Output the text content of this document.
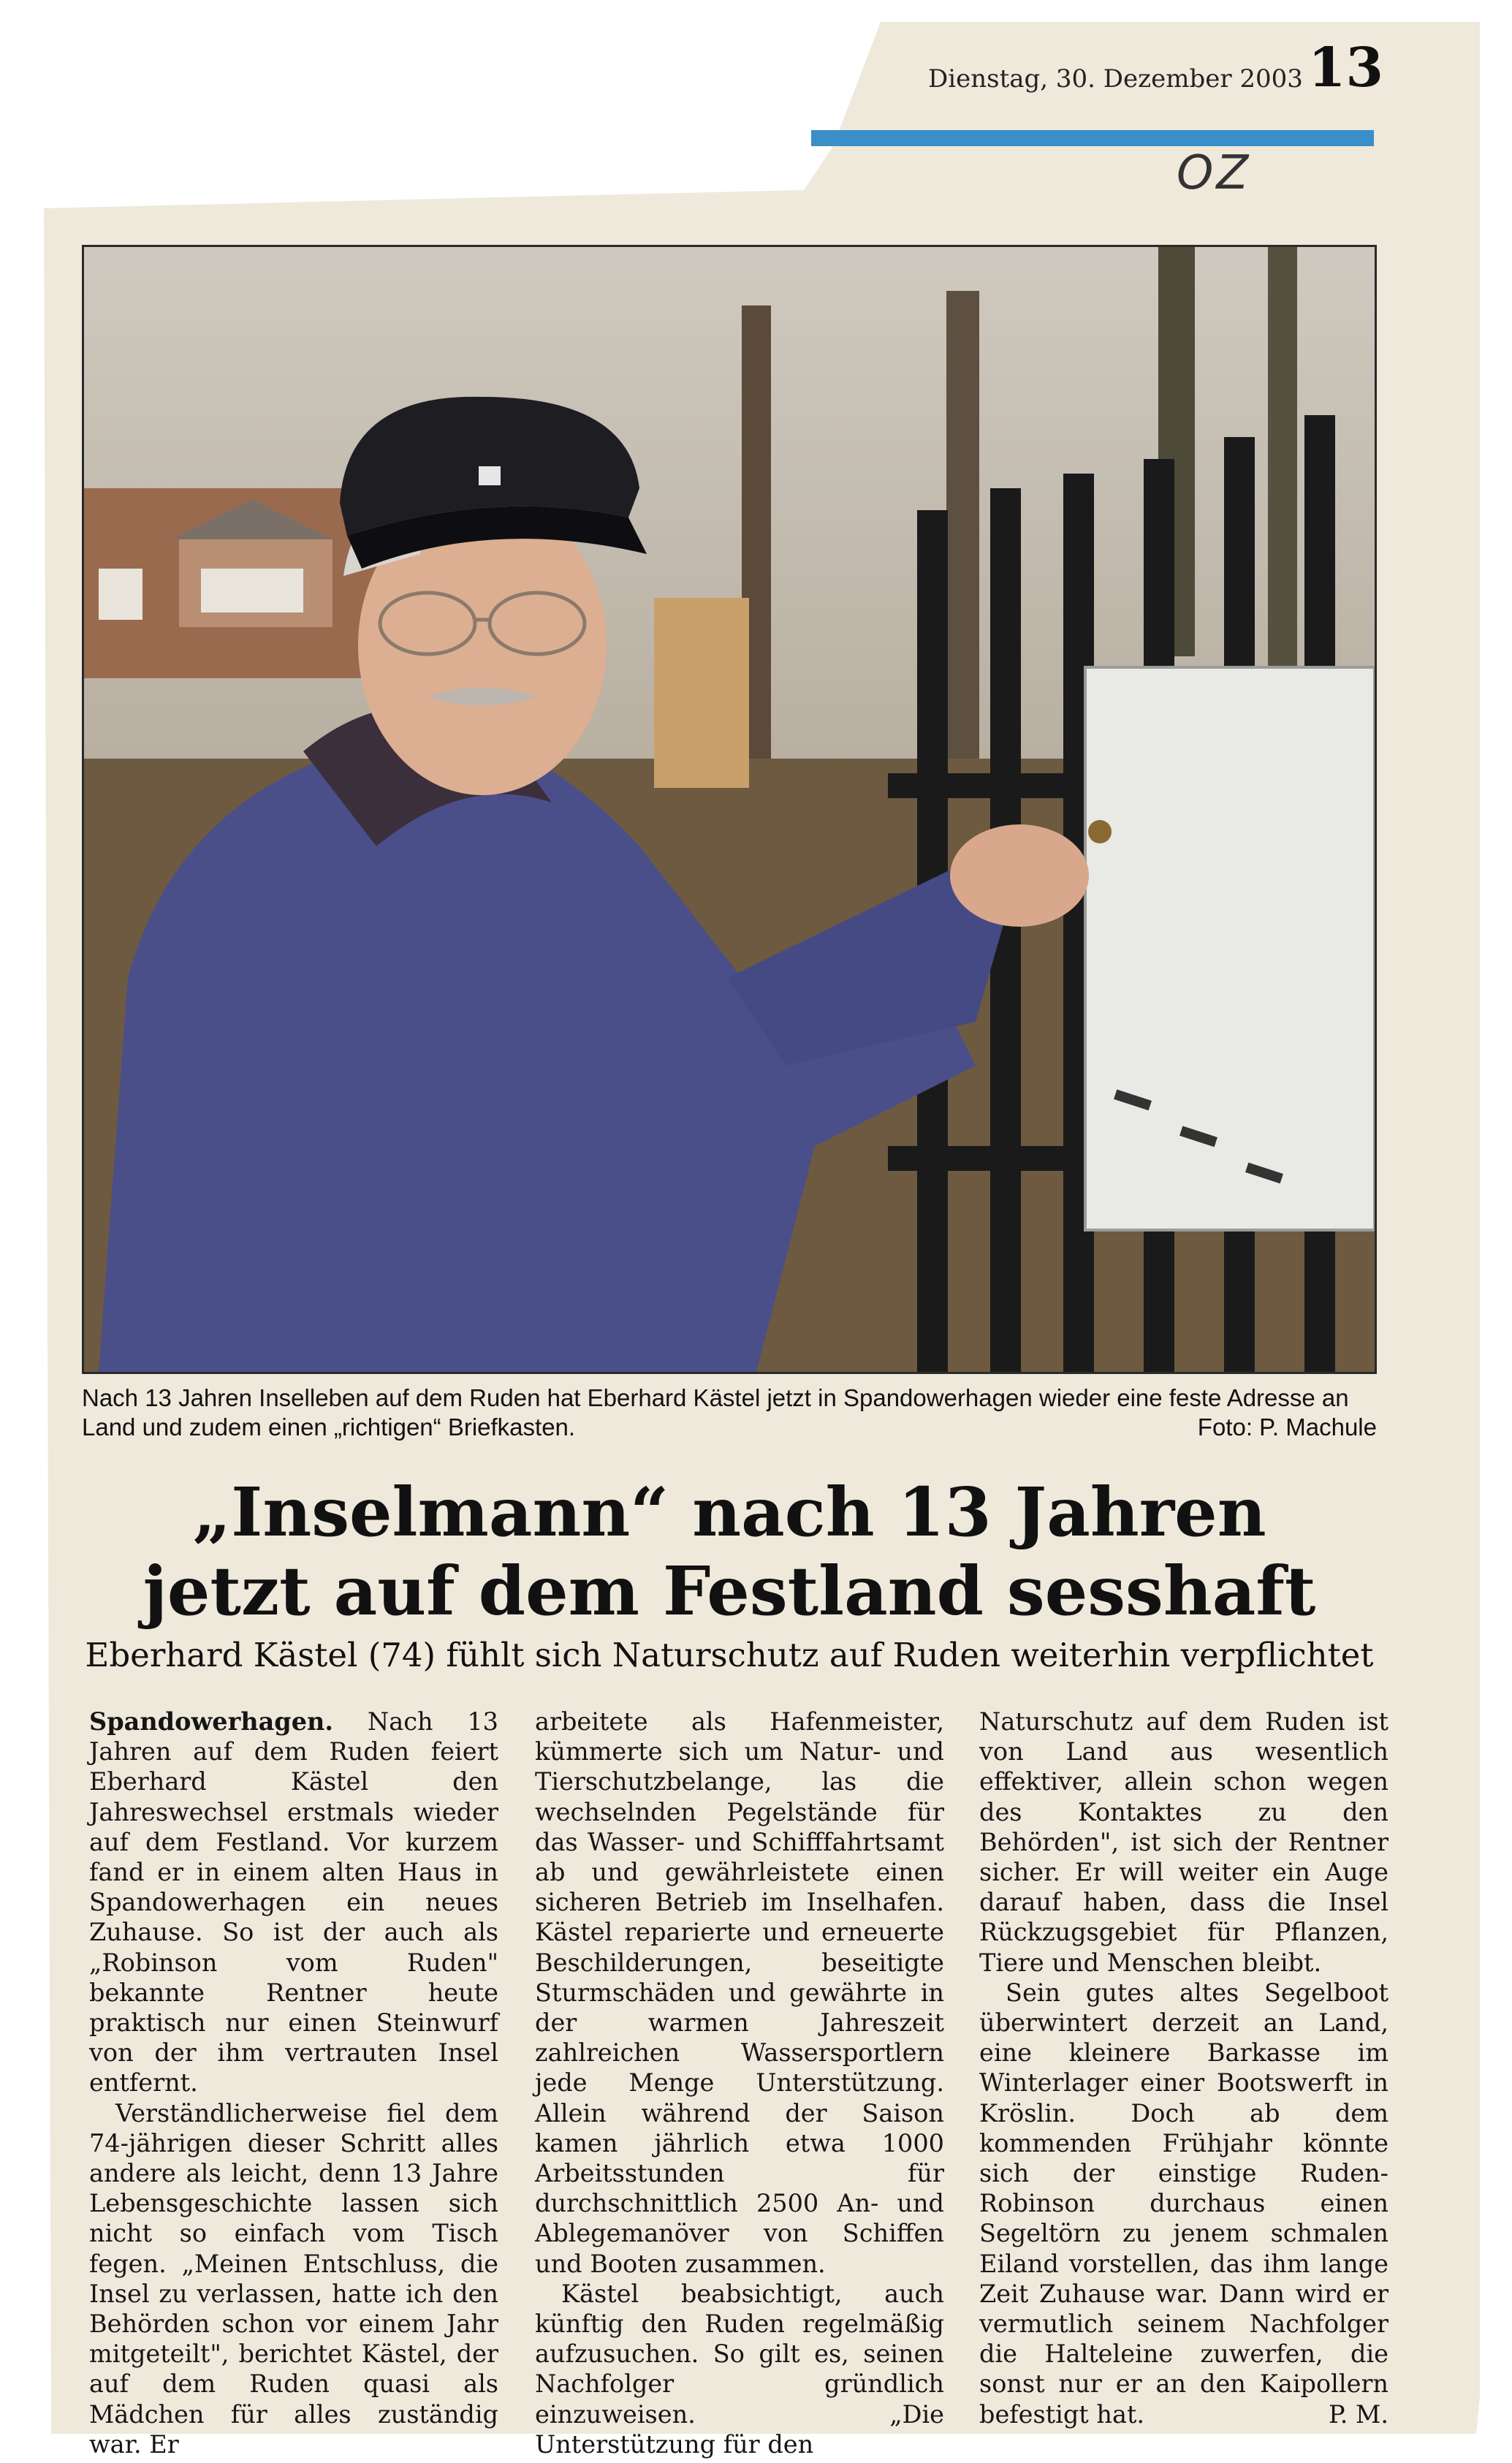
Dienstag, 30. Dezember 2003 13
OZ
Nach 13 Jahren Inselleben auf dem Ruden hat Eberhard Kästel jetzt in Spandowerhagen wieder eine feste Adresse an Land und zudem einen „richtigen“ Briefkasten.	Foto: P. Machule
„Inselmann“ nach 13 Jahren
jetzt auf dem Festland sesshaft
Eberhard Kästel (74) fühlt sich Naturschutz auf Ruden weiterhin verpflichtet

Spandowerhagen. Nach 13 Jahren auf dem Ruden feiert Eberhard Kästel den Jahreswechsel erstmals wieder auf dem Festland. Vor kurzem fand er in einem alten Haus in Spandowerhagen ein neues Zuhause. So ist der auch als „Robinson vom Ruden" bekannte Rentner heute praktisch nur einen Steinwurf von der ihm vertrauten Insel entfernt.

Verständlicherweise fiel dem 74-jährigen dieser Schritt alles andere als leicht, denn 13 Jahre Lebensgeschichte lassen sich nicht so einfach vom Tisch fegen. „Meinen Entschluss, die Insel zu verlassen, hatte ich den Behörden schon vor einem Jahr mitgeteilt", berichtet Kästel, der auf dem Ruden quasi als Mädchen für alles zuständig war. Er

arbeitete als Hafenmeister, kümmerte sich um Natur- und Tierschutzbelange, las die wechselnden Pegelstände für das Wasser- und Schifffahrtsamt ab und gewährleistete einen sicheren Betrieb im Inselhafen. Kästel reparierte und erneuerte Beschilderungen, beseitigte Sturmschäden und gewährte in der warmen Jahreszeit zahlreichen Wassersportlern jede Menge Unterstützung. Allein während der Saison kamen jährlich etwa 1000 Arbeitsstunden für durchschnittlich 2500 An- und Ablegemanöver von Schiffen und Booten zusammen.

Kästel beabsichtigt, auch künftig den Ruden regelmäßig aufzusuchen. So gilt es, seinen Nachfolger gründlich einzuweisen. „Die Unterstützung für den

Naturschutz auf dem Ruden ist von Land aus wesentlich effektiver, allein schon wegen des Kontaktes zu den Behörden", ist sich der Rentner sicher. Er will weiter ein Auge darauf haben, dass die Insel Rückzugsgebiet für Pflanzen, Tiere und Menschen bleibt.

Sein gutes altes Segelboot überwintert derzeit an Land, eine kleinere Barkasse im Winterlager einer Bootswerft in Kröslin. Doch ab dem kommenden Frühjahr könnte sich der einstige Ruden-Robinson durchaus einen Segeltörn zu jenem schmalen Eiland vorstellen, das ihm lange Zeit Zuhause war. Dann wird er vermutlich seinem Nachfolger die Halteleine zuwerfen, die sonst nur er an den Kaipollern befestigt hat.	P. M.
